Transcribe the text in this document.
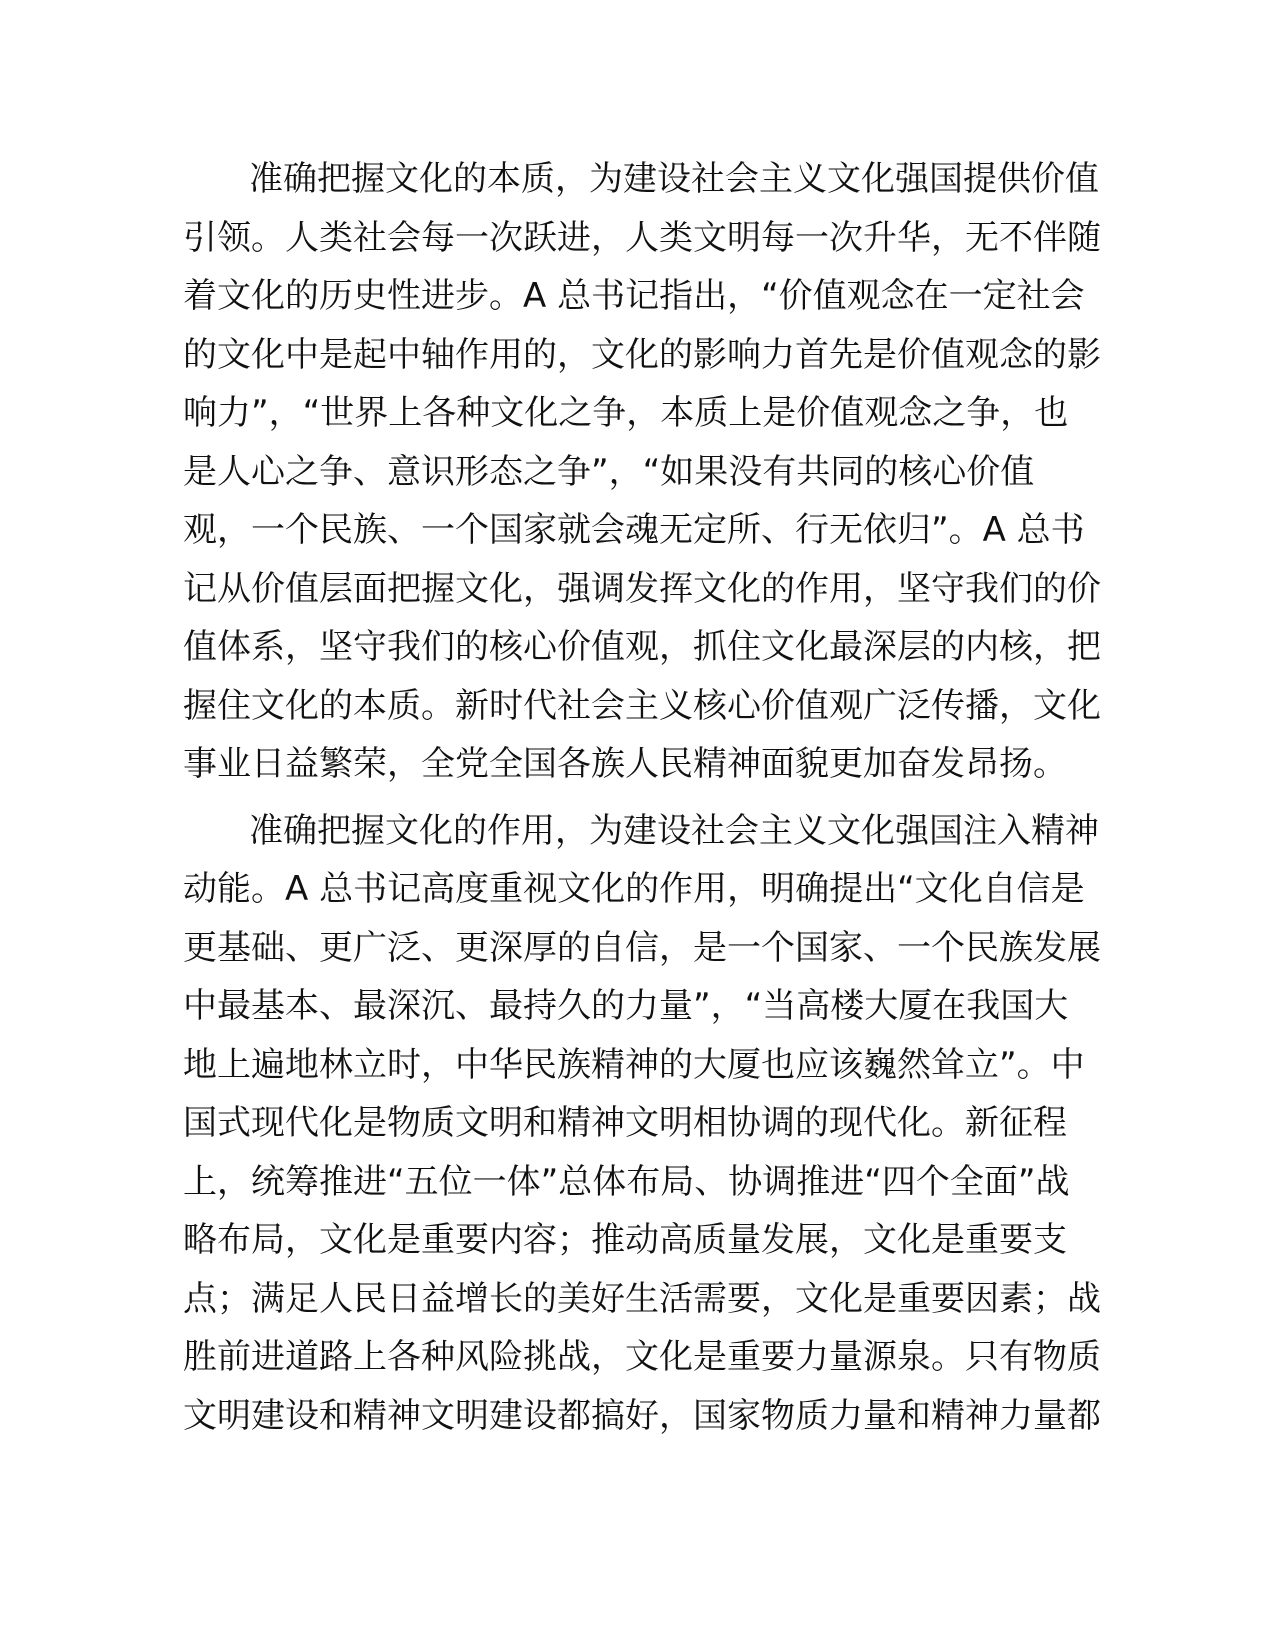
准确把握文化的本质，为建设社会主义文化强国提供价值
引领。人类社会每一次跃进，人类文明每一次升华，无不伴随
着文化的历史性进步。A 总书记指出，“价值观念在一定社会
的文化中是起中轴作用的，文化的影响力首先是价值观念的影
响力”，“世界上各种文化之争，本质上是价值观念之争，也
是人心之争、意识形态之争”，“如果没有共同的核心价值
观，一个民族、一个国家就会魂无定所、行无依归”。A 总书
记从价值层面把握文化，强调发挥文化的作用，坚守我们的价
值体系，坚守我们的核心价值观，抓住文化最深层的内核，把
握住文化的本质。新时代社会主义核心价值观广泛传播，文化
事业日益繁荣，全党全国各族人民精神面貌更加奋发昂扬。
准确把握文化的作用，为建设社会主义文化强国注入精神
动能。A 总书记高度重视文化的作用，明确提出“文化自信是
更基础、更广泛、更深厚的自信，是一个国家、一个民族发展
中最基本、最深沉、最持久的力量”，“当高楼大厦在我国大
地上遍地林立时，中华民族精神的大厦也应该巍然耸立”。中
国式现代化是物质文明和精神文明相协调的现代化。新征程
上，统筹推进“五位一体”总体布局、协调推进“四个全面”战
略布局，文化是重要内容；推动高质量发展，文化是重要支
点；满足人民日益增长的美好生活需要，文化是重要因素；战
胜前进道路上各种风险挑战，文化是重要力量源泉。只有物质
文明建设和精神文明建设都搞好，国家物质力量和精神力量都
